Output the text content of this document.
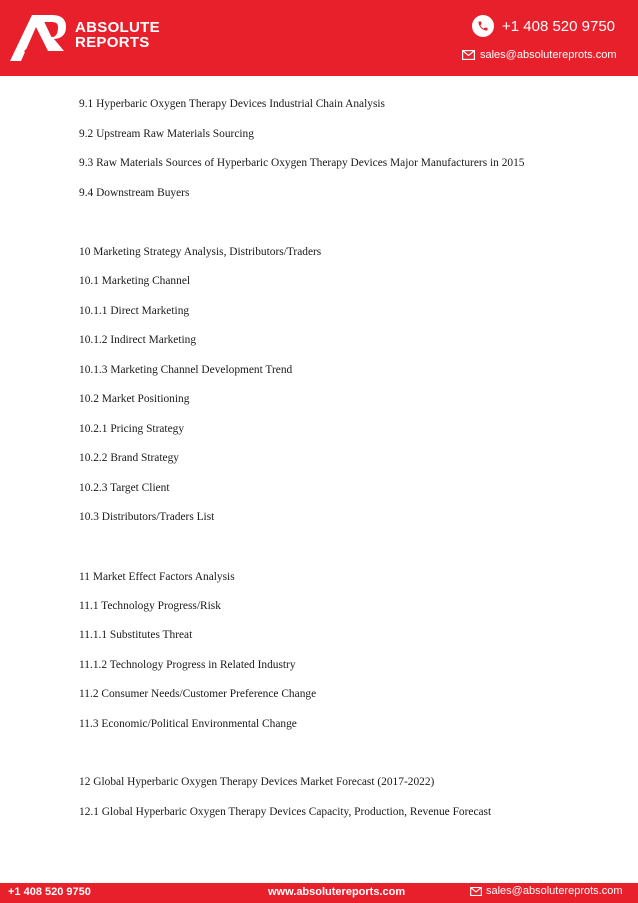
ABSOLUTE
REPORTS
+1 408 520 9750
sales@absolutereprots.com
9.1 Hyperbaric Oxygen Therapy Devices Industrial Chain Analysis
9.2 Upstream Raw Materials Sourcing
9.3 Raw Materials Sources of Hyperbaric Oxygen Therapy Devices Major Manufacturers in 2015
9.4 Downstream Buyers
10 Marketing Strategy Analysis, Distributors/Traders
10.1 Marketing Channel
10.1.1 Direct Marketing
10.1.2 Indirect Marketing
10.1.3 Marketing Channel Development Trend
10.2 Market Positioning
10.2.1 Pricing Strategy
10.2.2 Brand Strategy
10.2.3 Target Client
10.3 Distributors/Traders List
11 Market Effect Factors Analysis
11.1 Technology Progress/Risk
11.1.1 Substitutes Threat
11.1.2 Technology Progress in Related Industry
11.2 Consumer Needs/Customer Preference Change
11.3 Economic/Political Environmental Change
12 Global Hyperbaric Oxygen Therapy Devices Market Forecast (2017-2022)
12.1 Global Hyperbaric Oxygen Therapy Devices Capacity, Production, Revenue Forecast
+1 408 520 9750	www.absolutereports.com	sales@absolutereprots.com
